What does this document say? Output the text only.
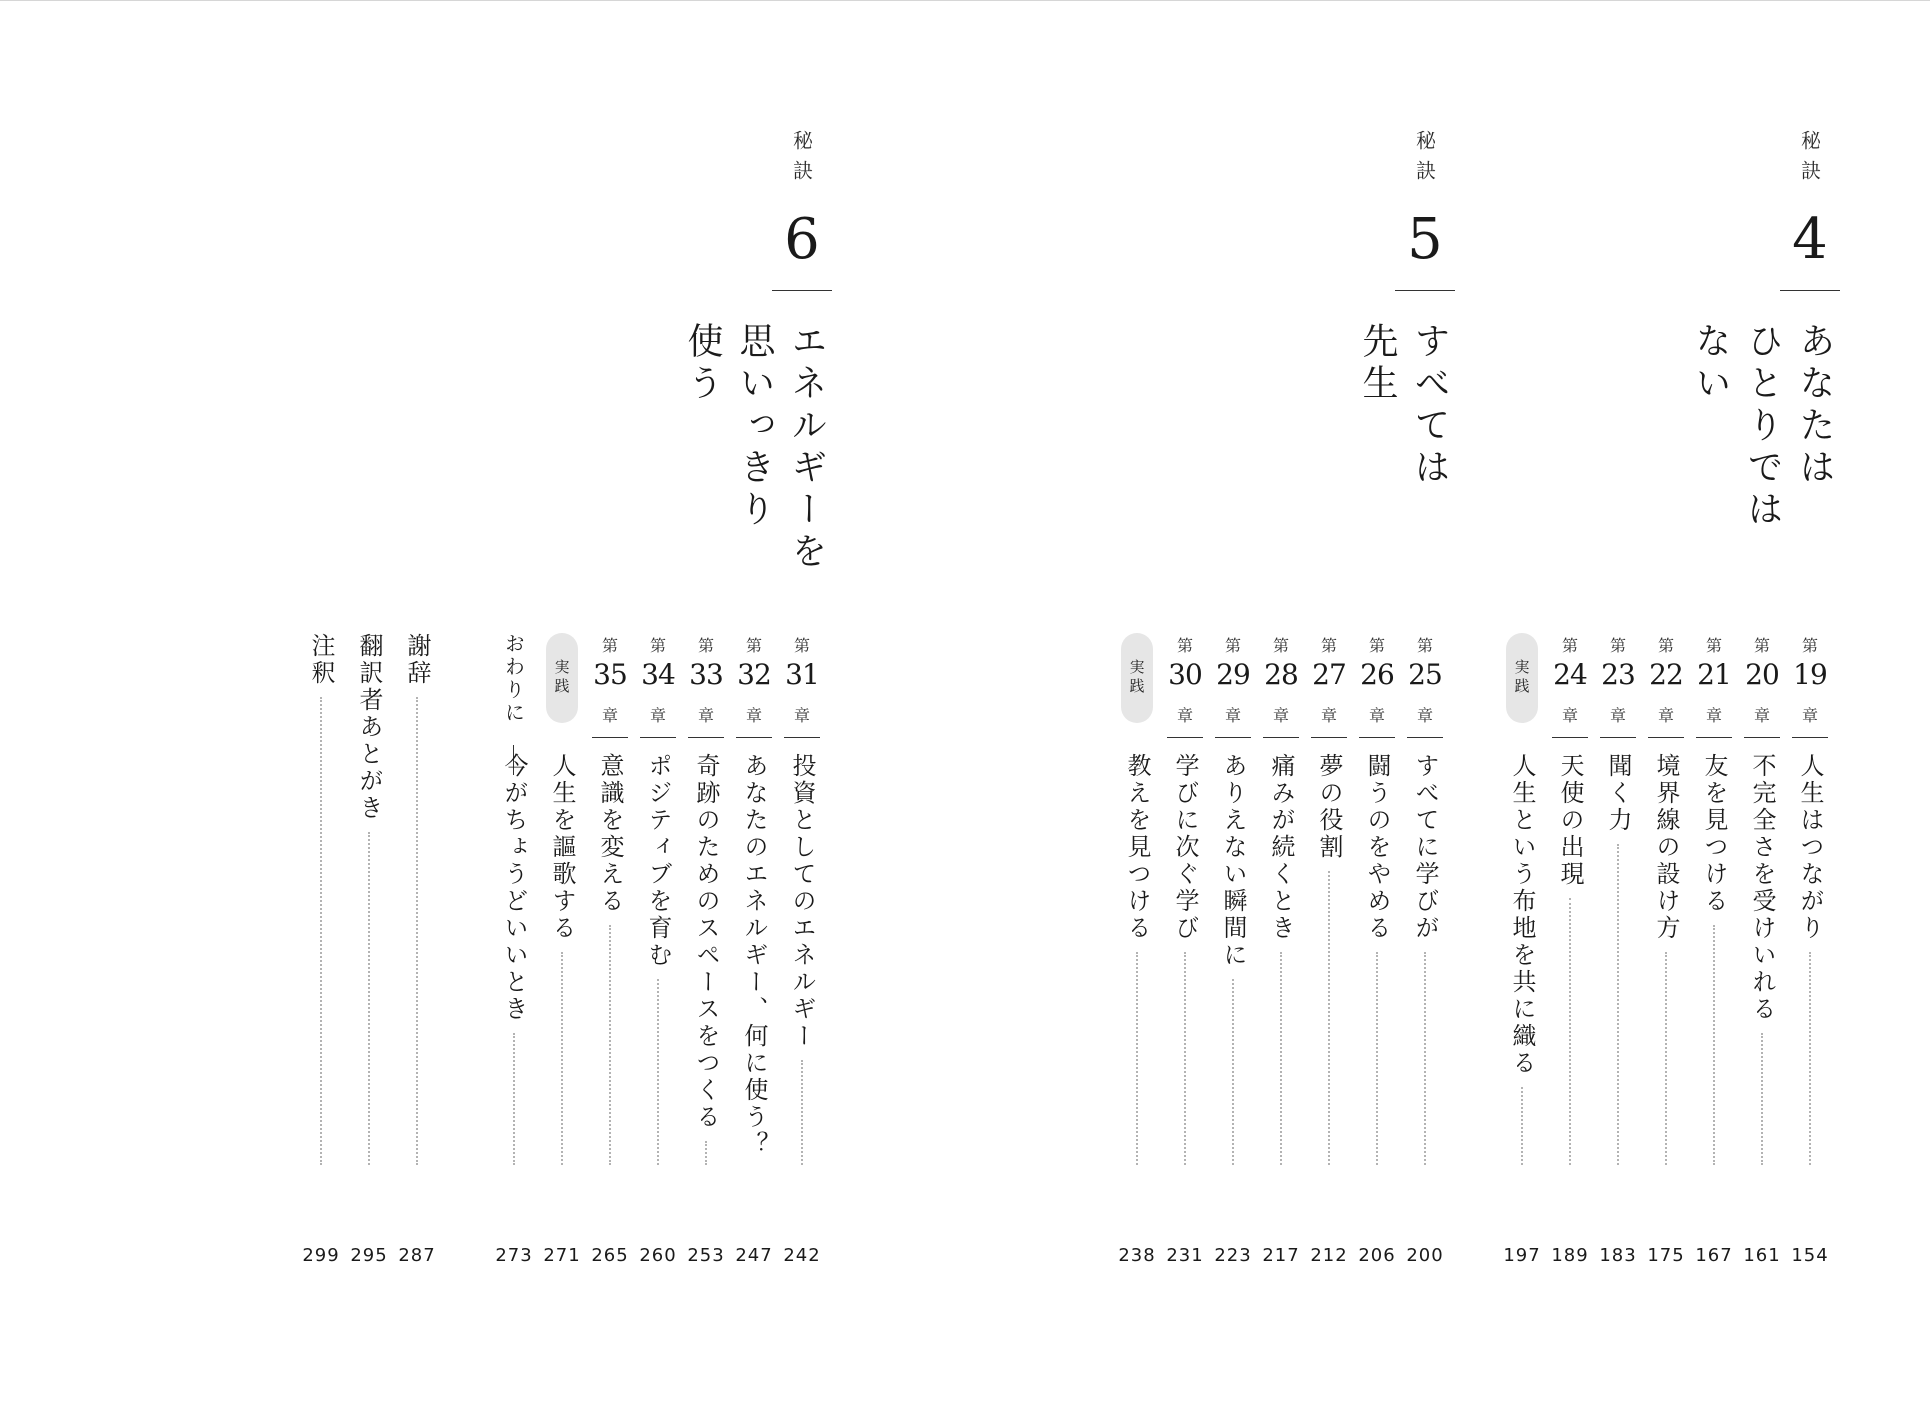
秘訣
4
あなたは
ひとりでは
ない
秘訣
5
すべては
先生
秘訣
6
エネルギーを
思いっきり
使う
第
19
章
人生はつながり
154
第
20
章
不完全さを受けいれる
161
第
21
章
友を見つける
167
第
22
章
境界線の設け方
175
第
23
章
聞く力
183
第
24
章
天使の出現
189
実践
人生という布地を共に織る
197
第
25
章
すべてに学びが
200
第
26
章
闘うのをやめる
206
第
27
章
夢の役割
212
第
28
章
痛みが続くとき
217
第
29
章
ありえない瞬間に
223
第
30
章
学びに次ぐ学び
231
実践
教えを見つける
238
第
31
章
投資としてのエネルギー
242
第
32
章
あなたのエネルギー、何に使う？
247
第
33
章
奇跡のためのスペースをつくる
253
第
34
章
ポジティブを育む
260
第
35
章
意識を変える
265
実践
人生を謳歌する
271
おわりに
今がちょうどいいとき
273
謝辞
287
翻訳者あとがき
295
注釈
299
